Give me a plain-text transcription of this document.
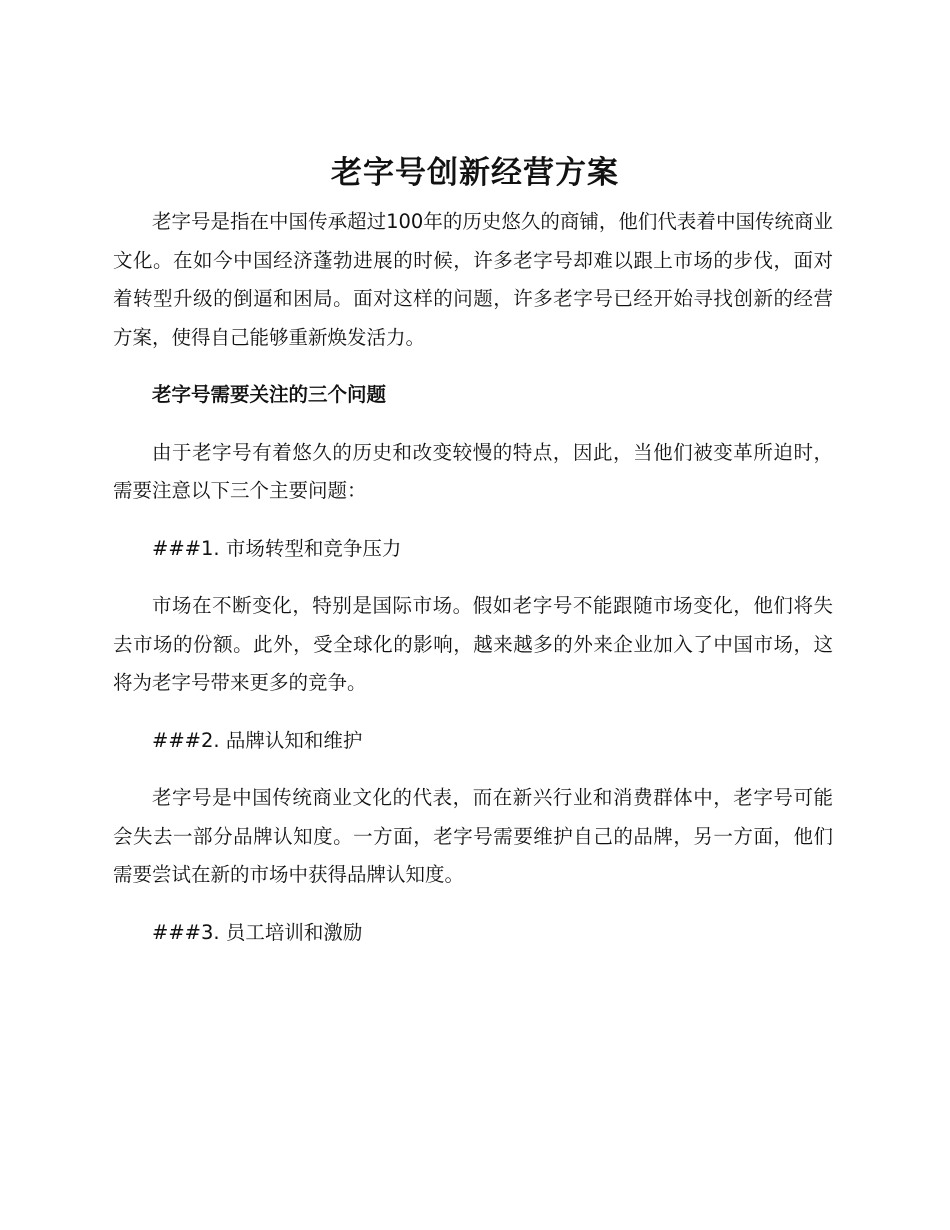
老字号创新经营方案

老字号是指在中国传承超过100年的历史悠久的商铺，他们代表着中国传统商业文化。在如今中国经济蓬勃进展的时候，许多老字号却难以跟上市场的步伐，面对着转型升级的倒逼和困局。面对这样的问题，许多老字号已经开始寻找创新的经营方案，使得自己能够重新焕发活力。

老字号需要关注的三个问题

由于老字号有着悠久的历史和改变较慢的特点，因此，当他们被变革所迫时，需要注意以下三个主要问题：

###1. 市场转型和竞争压力

市场在不断变化，特别是国际市场。假如老字号不能跟随市场变化，他们将失去市场的份额。此外，受全球化的影响，越来越多的外来企业加入了中国市场，这将为老字号带来更多的竞争。

###2. 品牌认知和维护

老字号是中国传统商业文化的代表，而在新兴行业和消费群体中，老字号可能会失去一部分品牌认知度。一方面，老字号需要维护自己的品牌，另一方面，他们需要尝试在新的市场中获得品牌认知度。

###3. 员工培训和激励
